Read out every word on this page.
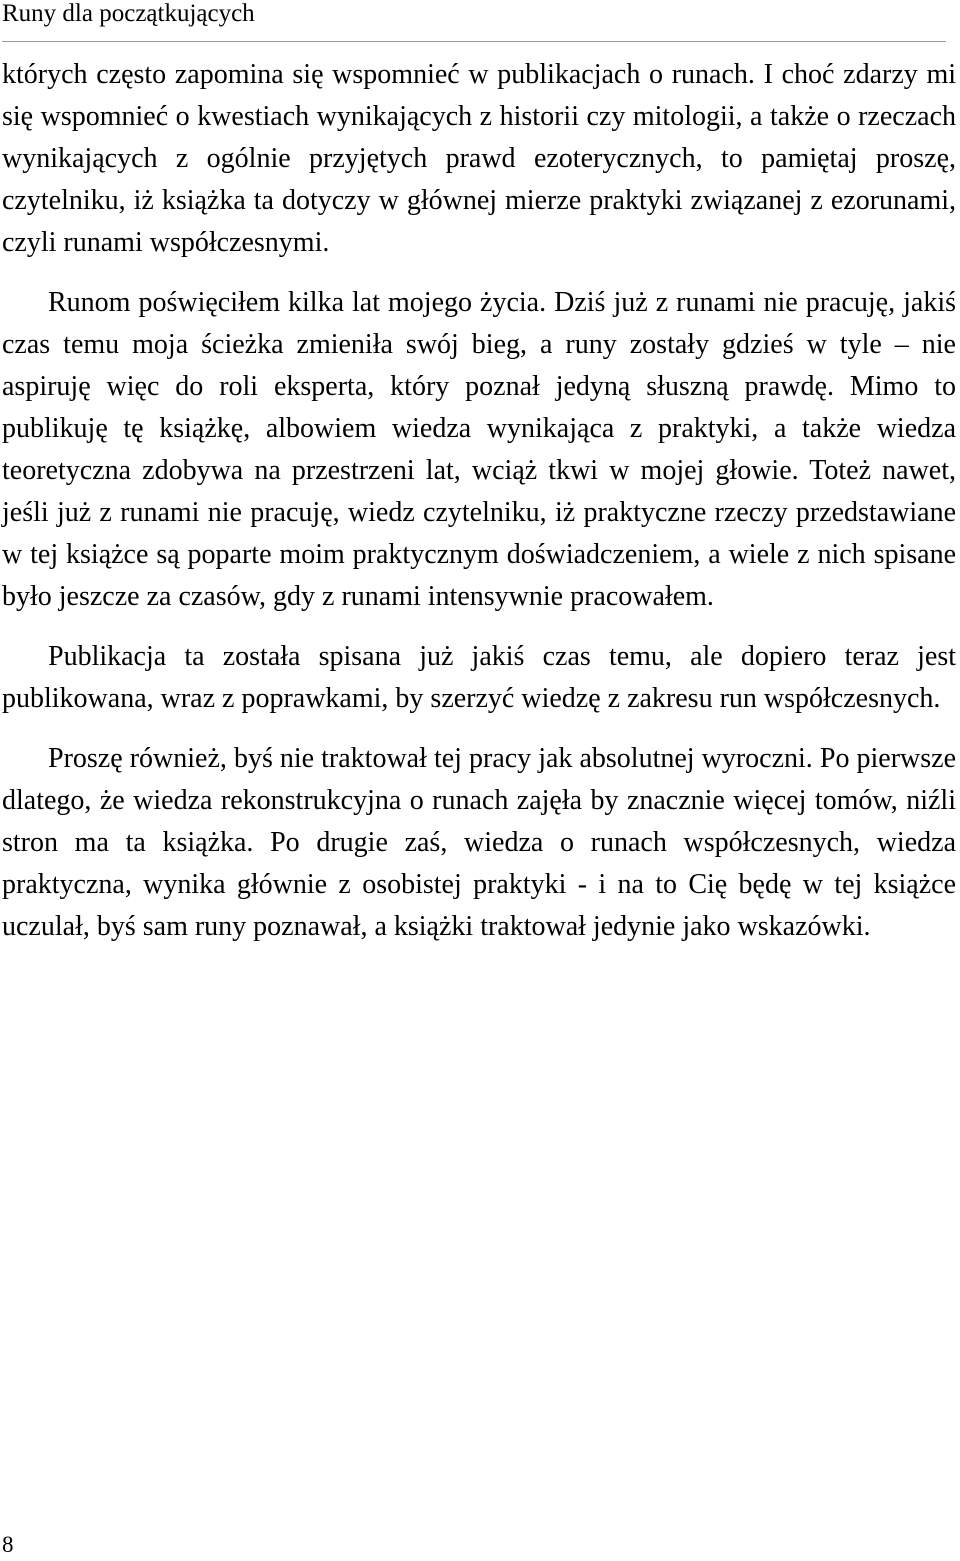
Runy dla początkujących

których często zapomina się wspomnieć w publikacjach o runach. I choć zdarzy mi się wspomnieć o kwestiach wynikających z historii czy mitologii, a także o rzeczach wynikających z ogólnie przyjętych prawd ezoterycznych, to pamiętaj proszę, czytelniku, iż książka ta dotyczy w głównej mierze praktyki związanej z ezorunami, czyli runami współczesnymi.

Runom poświęciłem kilka lat mojego życia. Dziś już z runami nie pracuję, jakiś czas temu moja ścieżka zmieniła swój bieg, a runy zostały gdzieś w tyle – nie aspiruję więc do roli eksperta, który poznał jedyną słuszną prawdę. Mimo to publikuję tę książkę, albowiem wiedza wynikająca z praktyki, a także wiedza teoretyczna zdobywa na przestrzeni lat, wciąż tkwi w mojej głowie. Toteż nawet, jeśli już z runami nie pracuję, wiedz czytelniku, iż praktyczne rzeczy przedstawiane w tej książce są poparte moim praktycznym doświadczeniem, a wiele z nich spisane było jeszcze za czasów, gdy z runami intensywnie pracowałem.

Publikacja ta została spisana już jakiś czas temu, ale dopiero teraz jest publikowana, wraz z poprawkami, by szerzyć wiedzę z zakresu run współczesnych.

Proszę również, byś nie traktował tej pracy jak absolutnej wyroczni. Po pierwsze dlatego, że wiedza rekonstrukcyjna o runach zajęła by znacznie więcej tomów, niźli stron ma ta książka. Po drugie zaś, wiedza o runach współczesnych, wiedza praktyczna, wynika głównie z osobistej praktyki - i na to Cię będę w tej książce uczulał, byś sam runy poznawał, a książki traktował jedynie jako wskazówki.

8
